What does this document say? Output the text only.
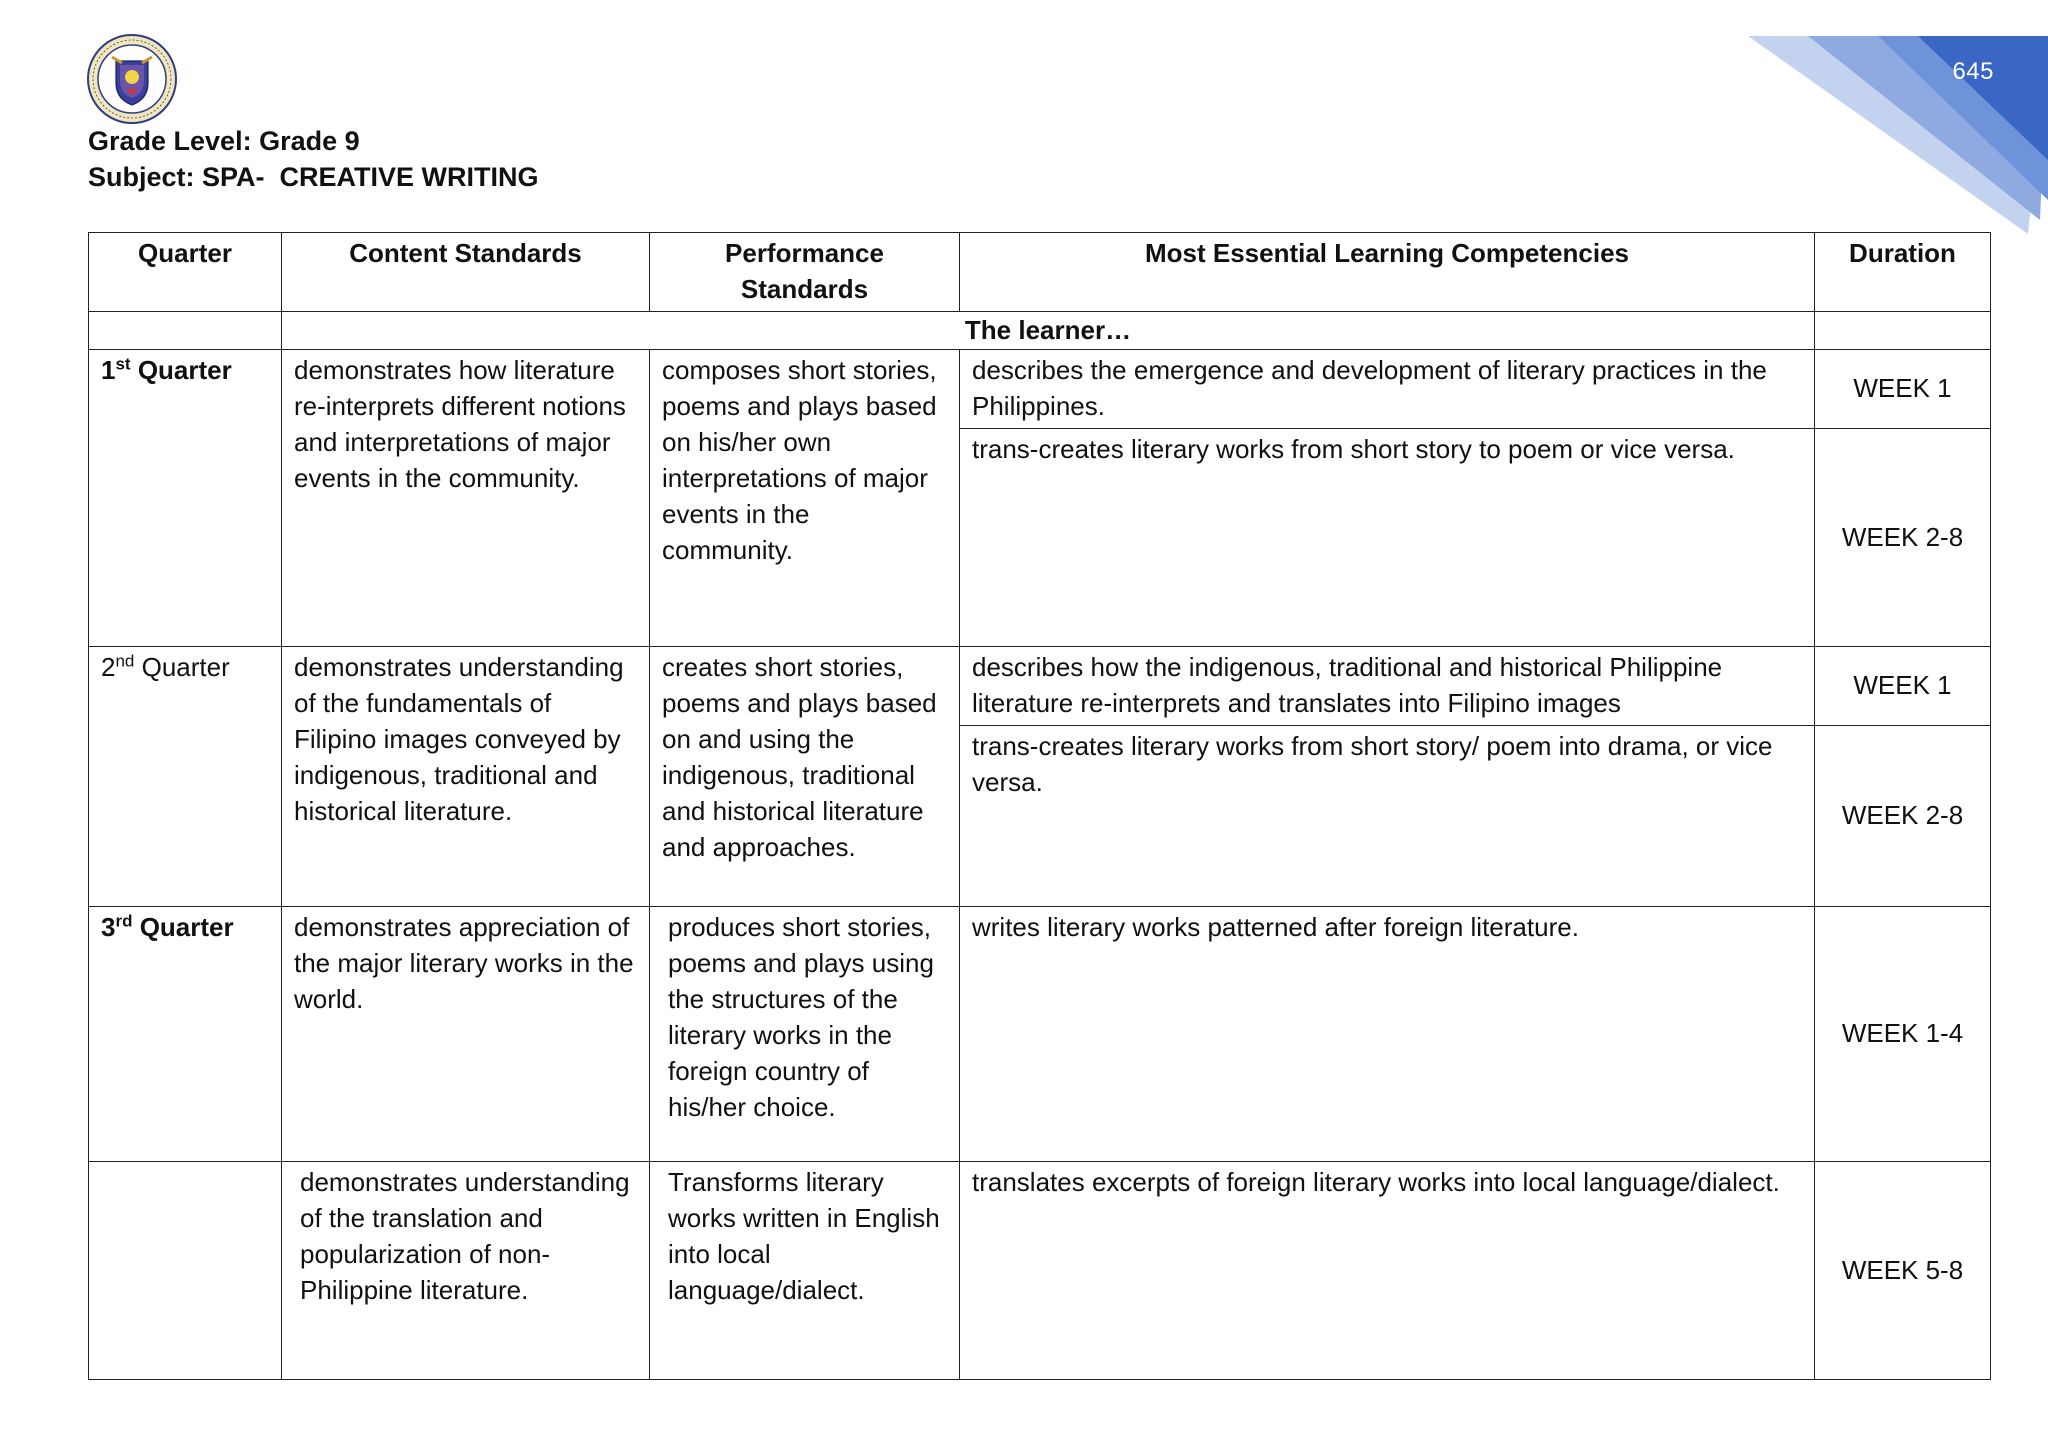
645
Grade Level: Grade 9
Subject: SPA-  CREATIVE WRITING
Quarter	Content Standards	Performance Standards	Most Essential Learning Competencies	Duration
	The learner…			
1st Quarter	demonstrates how literature re-interprets different notions and interpretations of major events in the community.	composes short stories, poems and plays based on his/her own interpretations of major events in the community.	describes the emergence and development of literary practices in the Philippines.	WEEK 1
			trans-creates literary works from short story to poem or vice versa.	WEEK 2-8
2nd Quarter	demonstrates understanding of the fundamentals of Filipino images conveyed by indigenous, traditional and historical literature.	creates short stories, poems and plays based on and using the indigenous, traditional and historical literature and approaches.	describes how the indigenous, traditional and historical Philippine literature re-interprets and translates into Filipino images	WEEK 1
			trans-creates literary works from short story/ poem into drama, or vice versa.	WEEK 2-8
3rd Quarter	demonstrates appreciation of the major literary works in the world.	produces short stories, poems and plays using the structures of the literary works in the foreign country of his/her choice.	writes literary works patterned after foreign literature.	WEEK 1-4
	demonstrates understanding of the translation and popularization of non-Philippine literature.	Transforms literary works written in English into local language/dialect.	translates excerpts of foreign literary works into local language/dialect.	WEEK 5-8
